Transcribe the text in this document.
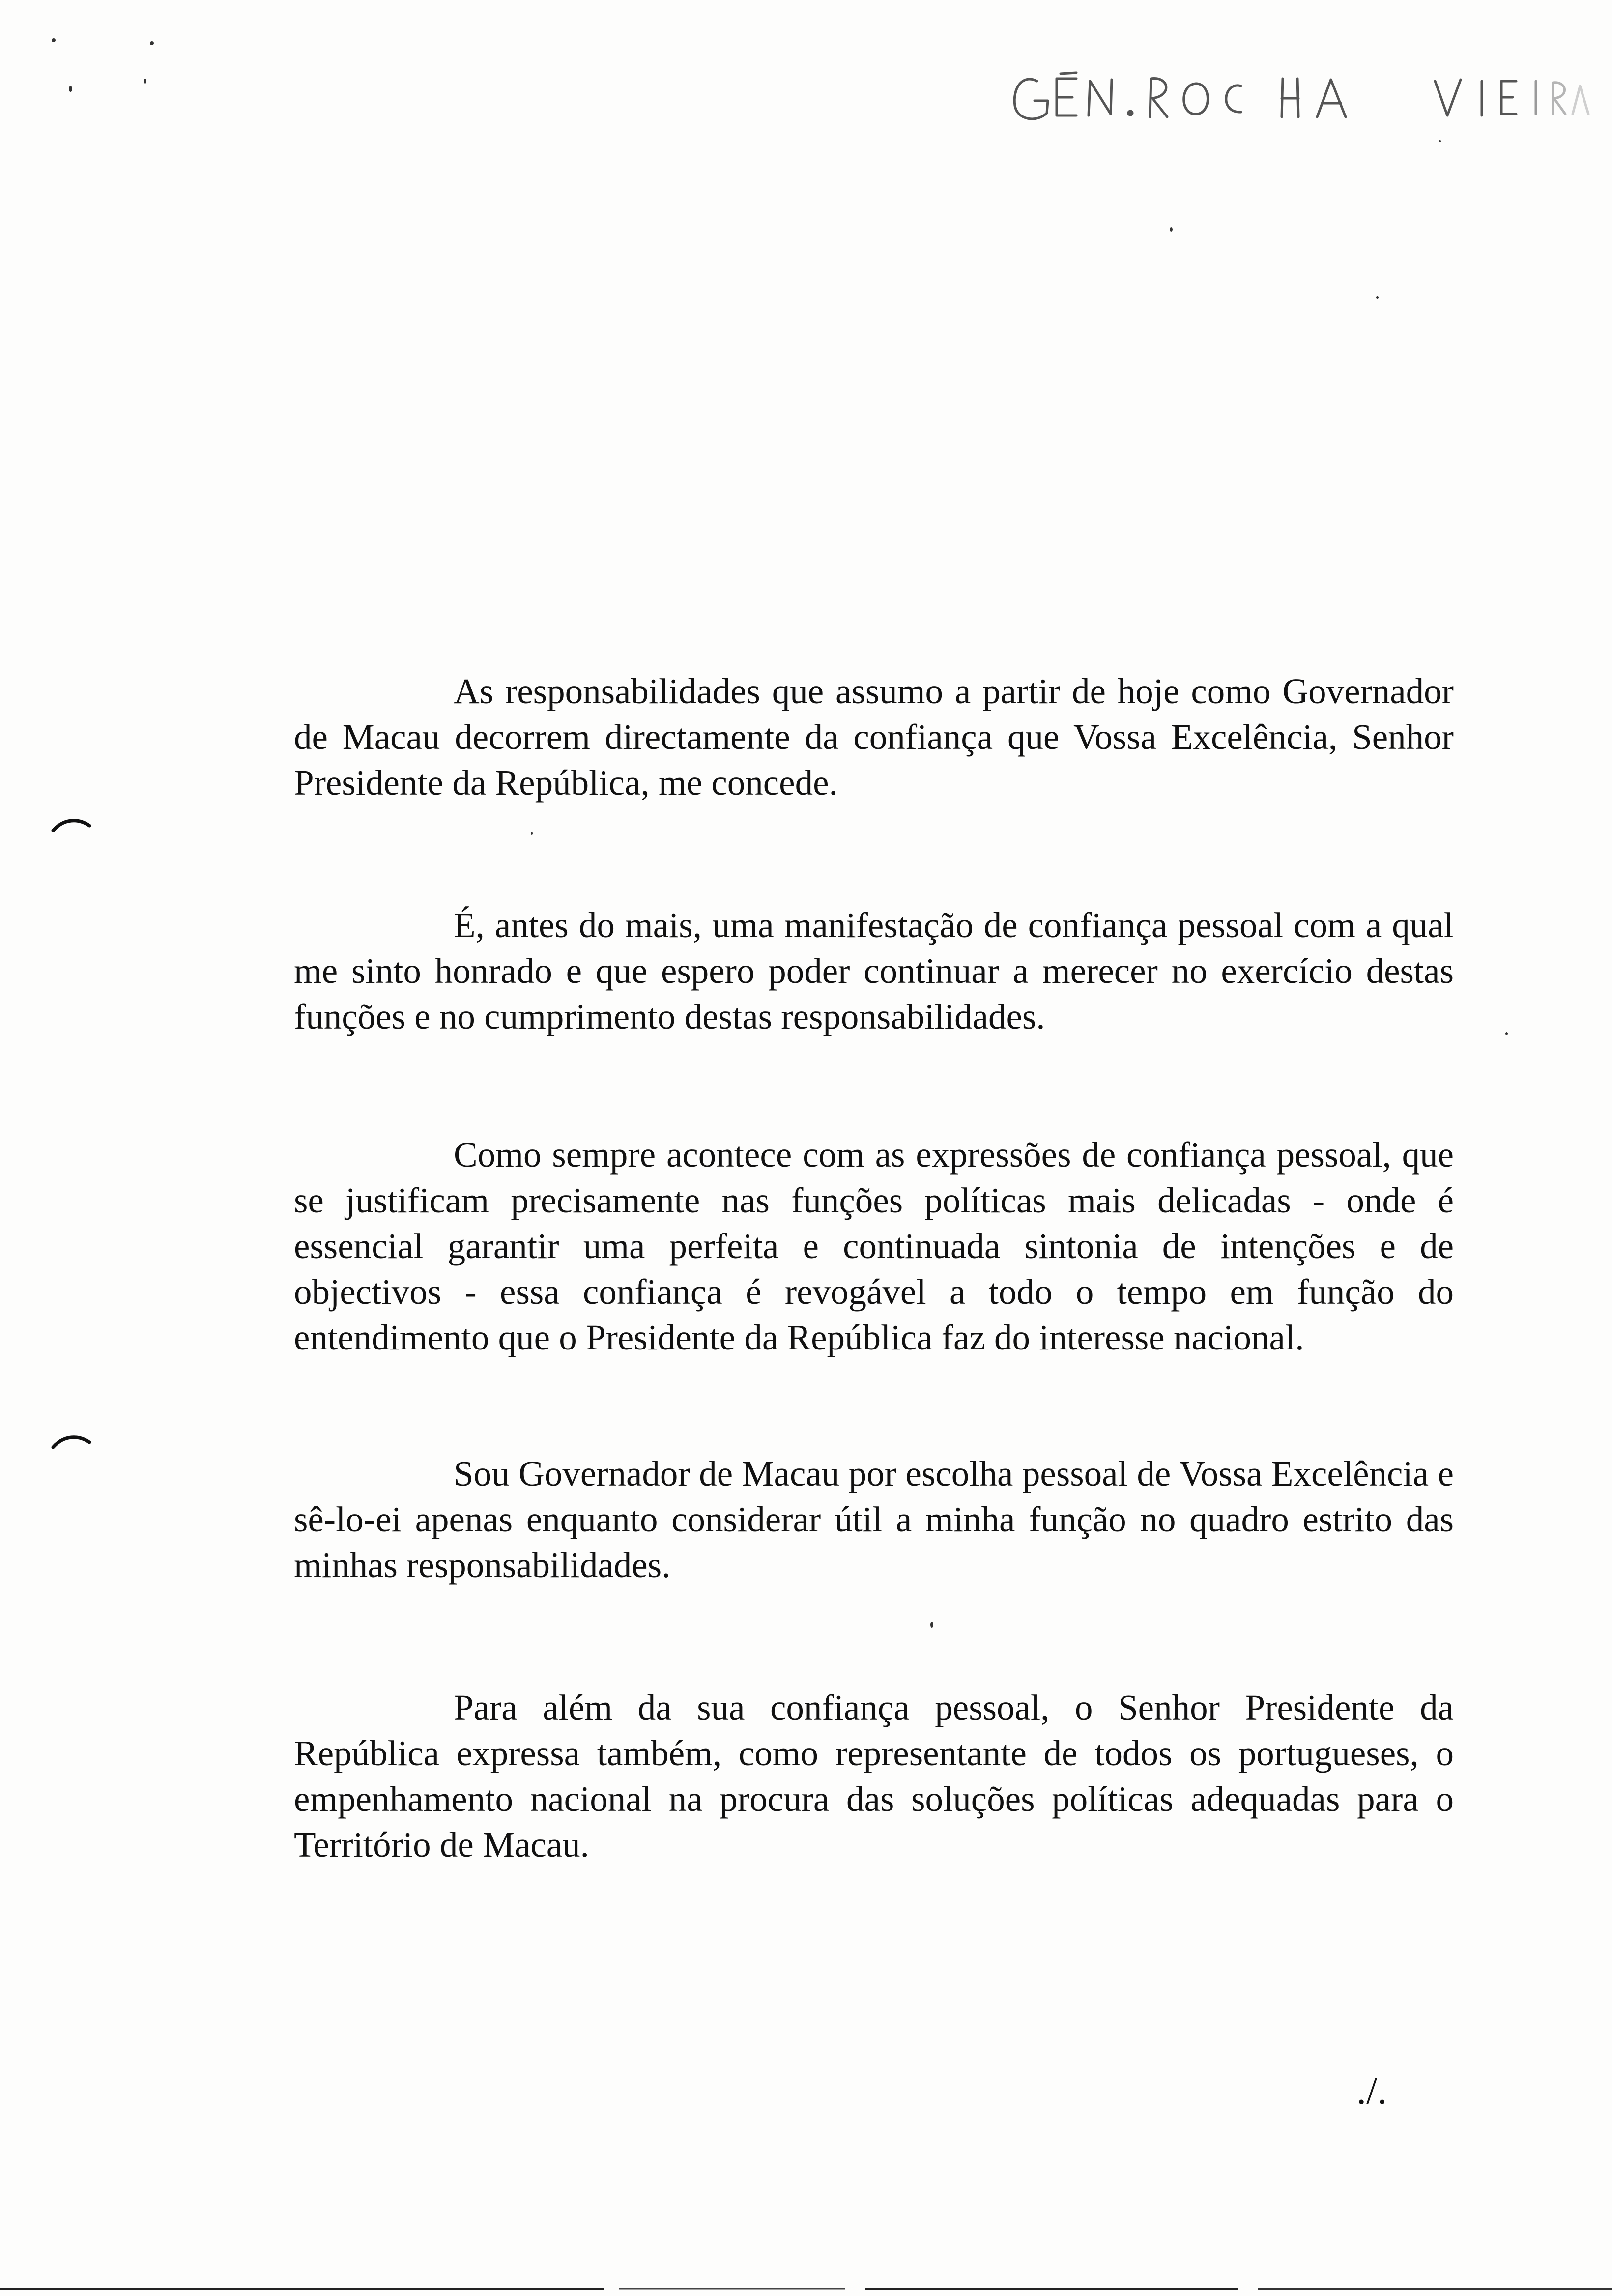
As responsabilidades que assumo a partir de hoje como Governador de Macau decorrem directamente da confiança que Vossa Excelência, Senhor Presidente da República, me concede.

É, antes do mais, uma manifestação de confiança pessoal com a qual me sinto honrado e que espero poder continuar a merecer no exercício destas funções e no cumprimento destas responsabilidades.

Como sempre acontece com as expressões de confiança pessoal, que se justificam precisamente nas funções políticas mais delicadas - onde é essencial garantir uma perfeita e continuada sintonia de intenções e de objectivos - essa confiança é revogável a todo o tempo em função do entendimento que o Presidente da República faz do interesse nacional.

Sou Governador de Macau por escolha pessoal de Vossa Excelência e sê-lo-ei apenas enquanto considerar útil a minha função no quadro estrito das minhas responsabilidades.

Para além da sua confiança pessoal, o Senhor Presidente da República expressa também, como representante de todos os portugueses, o empenhamento nacional na procura das soluções políticas adequadas para o Território de Macau.

./.
